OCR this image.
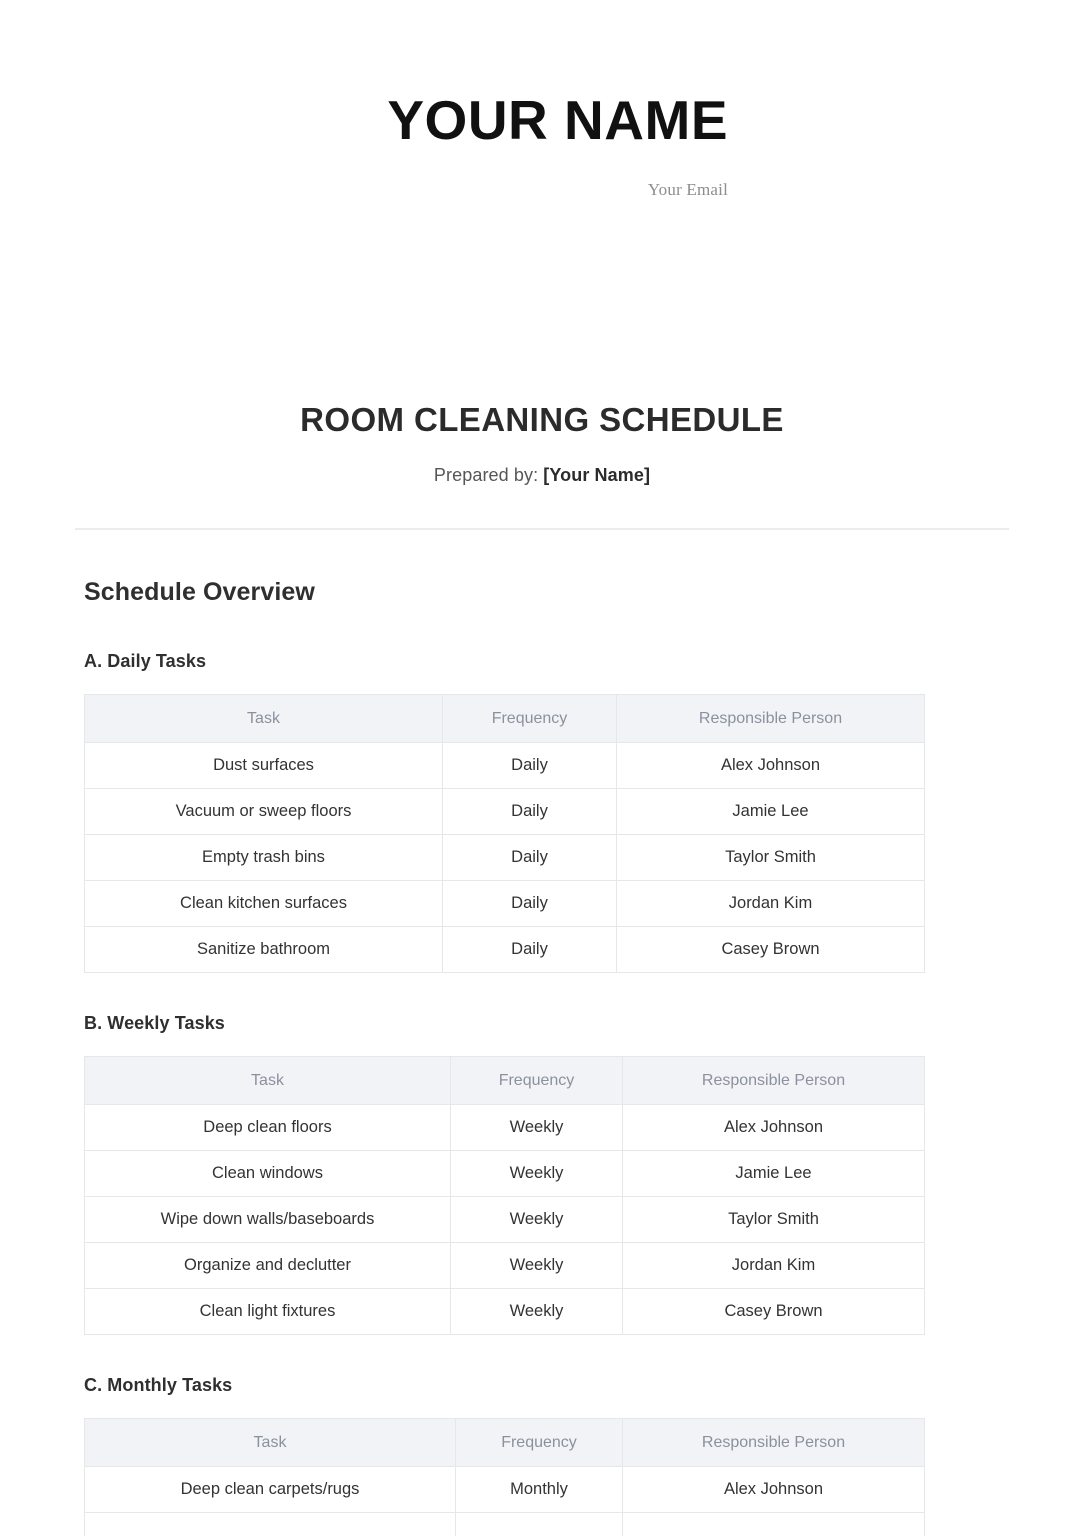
YOUR NAME
Your Email
ROOM CLEANING SCHEDULE
Prepared by: [Your Name]
Schedule Overview
A. Daily Tasks
Task	Frequency	Responsible Person
Dust surfaces	Daily	Alex Johnson
Vacuum or sweep floors	Daily	Jamie Lee
Empty trash bins	Daily	Taylor Smith
Clean kitchen surfaces	Daily	Jordan Kim
Sanitize bathroom	Daily	Casey Brown
B. Weekly Tasks
Task	Frequency	Responsible Person
Deep clean floors	Weekly	Alex Johnson
Clean windows	Weekly	Jamie Lee
Wipe down walls/baseboards	Weekly	Taylor Smith
Organize and declutter	Weekly	Jordan Kim
Clean light fixtures	Weekly	Casey Brown
C. Monthly Tasks
Task	Frequency	Responsible Person
Deep clean carpets/rugs	Monthly	Alex Johnson
